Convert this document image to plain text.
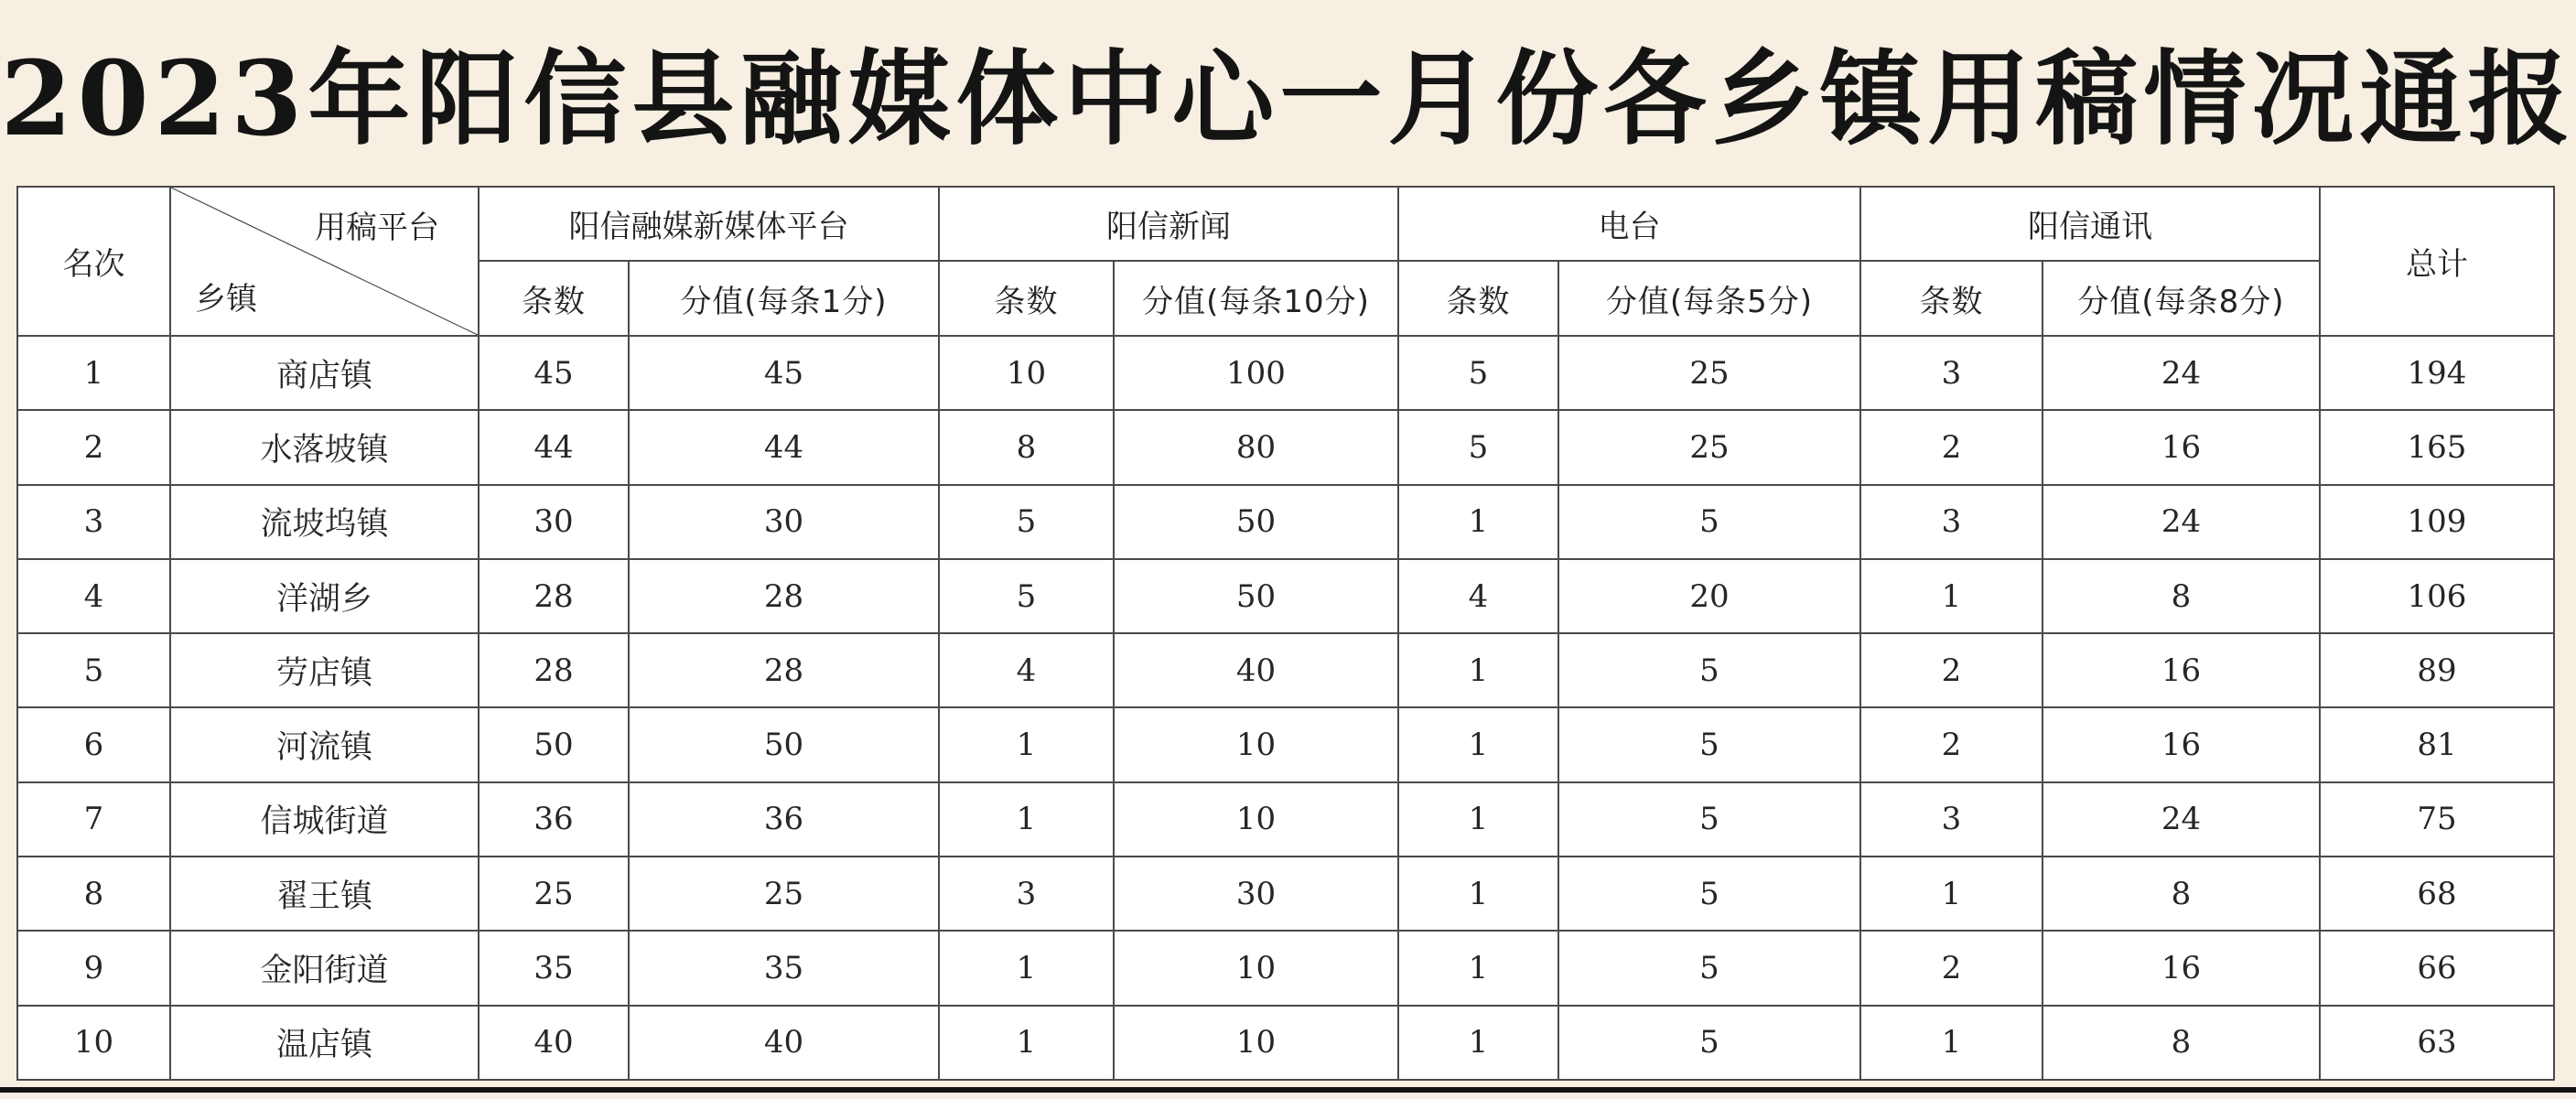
2023年阳信县融媒体中心一月份各乡镇用稿情况通报
名次	用稿平台
乡镇	阳信融媒新媒体平台		阳信新闻		电台		阳信通讯		总计
		条数	分值(每条1分)	条数	分值(每条10分)	条数	分值(每条5分)	条数	分值(每条8分)	
1	商店镇	45	45	10	100	5	25	3	24	194
2	水落坡镇	44	44	8	80	5	25	2	16	165
3	流坡坞镇	30	30	5	50	1	5	3	24	109
4	洋湖乡	28	28	5	50	4	20	1	8	106
5	劳店镇	28	28	4	40	1	5	2	16	89
6	河流镇	50	50	1	10	1	5	2	16	81
7	信城街道	36	36	1	10	1	5	3	24	75
8	翟王镇	25	25	3	30	1	5	1	8	68
9	金阳街道	35	35	1	10	1	5	2	16	66
10	温店镇	40	40	1	10	1	5	1	8	63
